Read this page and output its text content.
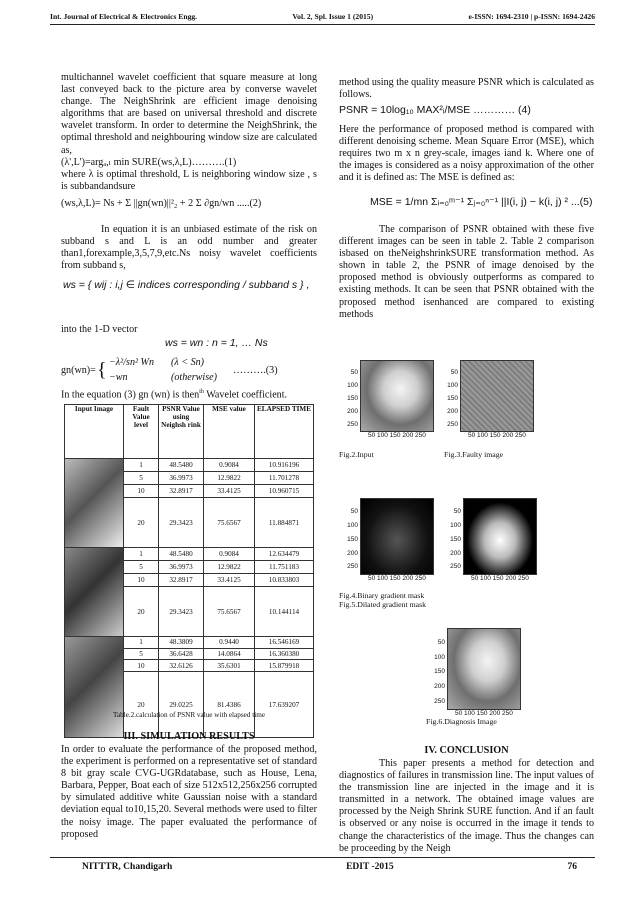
Int. Journal of Electrical & Electronics Engg.	Vol. 2, Spl. Issue 1 (2015)	e-ISSN: 1694-2310 | p-ISSN: 1694-2426

multichannel wavelet coefficient that square measure at long last conveyed back to the picture area by converse wavelet change. The NeighShrink are efficient image denoising algorithms that are based on universal threshold and discrete wavelet transform. In order to determine the NeighShrink, the optimal threshold and neighbouring window size are calculated as,

(λ',L')=argₐ,ₗ min SURE(ws,λ,L)……….(1)

where λ is optimal threshold, L is neighboring window size , s is subbandandsure

(ws,λ,L)= Ns + Σ ||gn(wn)||²₂ + 2 Σ ∂gn/wn .....(2)

In equation it is an unbiased estimate of the risk on subband s and L is an odd number and greater than1,forexample,3,5,7,9,etc.Ns noisy wavelet coefficients from subband s,

ws = { wij : i,j ∈ indices corresponding / subband s } ,
into the 1-D vector
ws = wn : n = 1, … Ns
gn(wn)= { −λ²/sn² Wn (λ < Sn)
−wn	(otherwise)
……….(3)
In the equation (3) gn (wn) is then$^{th}$ Wavelet coefficient.
Input Image	Fault Value level	PSNR Value using Neighsh rink	MSE value	ELAPSED TIME

	1	48.5480	0.9084	10.916196
	5	36.9973	12.9822	11.701278
	10	32.8917	33.4125	10.960715
	20	29.3423	75.6567	11.884871

	1	48.5480	0.9084	12.634479
	5	36.9973	12.9822	11.751183
	10	32.8917	33.4125	10.833803
	20	29.3423	75.6567	10.144114

	1	48.3809	0.9440	16.546169
	5	36.6428	14.0864	16.360380
	10	32.6126	35.6301	15.879918
	20	29.0225	81.4386	17.639207
Table.2.calculation of PSNR value with elapsed time
III. SIMULATION RESULTS
In order to evaluate the performance of the proposed method, the experiment is performed on a representative set of standard 8 bit gray scale CVG-UGRdatabase, such as House, Lena, Barbara, Pepper, Boat each of size 512x512,256x256 corrupted by simulated additive white Gaussian noise with a standard deviation equal to10,15,20. Several methods were used to filter the noisy image. The paper evaluated the performance of proposed
method using the quality measure PSNR which is calculated as follows.
PSNR = 10log₁₀ MAX²ᵢ/MSE ………… (4)
Here the performance of proposed method is compared with different denoising scheme. Mean Square Error (MSE), which requires two m x n grey-scale, images iand k. Where one of the images is considered as a noisy approximation of the other and it is defined as: The MSE is defined as:
MSE = 1/mn Σᵢ₌₀ᵐ⁻¹ Σⱼ₌₀ⁿ⁻¹ ||I(i, j) − k(i, j) ² ...(5)

The comparison of PSNR obtained with these five different images can be seen in table 2. Table 2 comparison isbased on theNeighshrinkSURE transformation method. As shown in table 2, the PSNR of image denoised by the proposed method is obviously outperforms as compared to existing methods. It can be seen that PSNR obtained with the proposed method isenhanced are compared to existing methods

50
100
150
200
250
50 100 150 200 250
50
100
150
200
250
50 100 150 200 250
50
100
150
200
250
50 100 150 200 250
50
100
150
200
250
50 100 150 200 250
50
100
150
200
250
50 100 150 200 250
Fig.2.Input	Fig.3.Faulty image
Fig.4.Binary gradient mask
Fig.5.Dilated gradient mask
Fig.6.Diagnosis Image
IV. CONCLUSION

This paper presents a method for detection and diagnostics of failures in transmission line. The input values of the transmission line are injected in the image and it is transmitted in a network. The obtained image values are processed by the Neigh Shrink SURE function. And if an fault is observed or any noise is occurred in the image it tends to change the characteristics of the image. Thus the changes can be proceeding by the Neigh

NITTTR, Chandigarh	EDIT -2015	76
